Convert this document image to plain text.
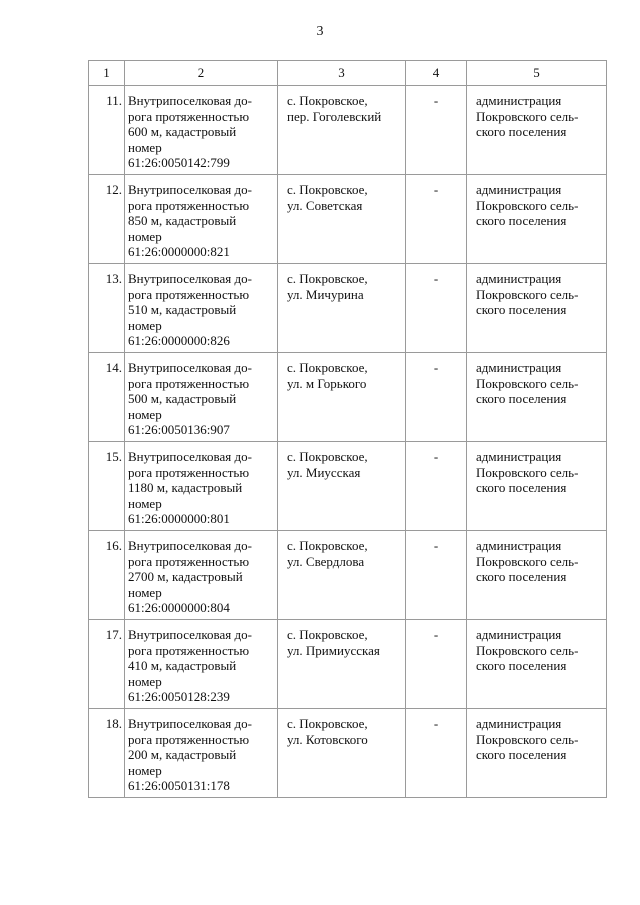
3
1	2	3	4	5
11.	Внутрипоселковая до-
рога протяженностью
600 м, кадастровый
номер
61:26:0050142:799	с. Покровское,
пер. Гоголевский	-	администрация
Покровского сель-
ского поселения

12.	Внутрипоселковая до-
рога протяженностью
850 м, кадастровый
номер
61:26:0000000:821	с. Покровское,
ул. Советская	-	администрация
Покровского сель-
ского поселения

13.	Внутрипоселковая до-
рога протяженностью
510 м, кадастровый
номер
61:26:0000000:826	с. Покровское,
ул. Мичурина	-	администрация
Покровского сель-
ского поселения

14.	Внутрипоселковая до-
рога протяженностью
500 м, кадастровый
номер
61:26:0050136:907	с. Покровское,
ул. м Горького	-	администрация
Покровского сель-
ского поселения

15.	Внутрипоселковая до-
рога протяженностью
1180 м, кадастровый
номер
61:26:0000000:801	с. Покровское,
ул. Миусская	-	администрация
Покровского сель-
ского поселения

16.	Внутрипоселковая до-
рога протяженностью
2700 м, кадастровый
номер
61:26:0000000:804	с. Покровское,
ул. Свердлова	-	администрация
Покровского сель-
ского поселения

17.	Внутрипоселковая до-
рога протяженностью
410 м, кадастровый
номер
61:26:0050128:239	с. Покровское,
ул. Примиусская	-	администрация
Покровского сель-
ского поселения

18.	Внутрипоселковая до-
рога протяженностью
200 м, кадастровый
номер
61:26:0050131:178	с. Покровское,
ул. Котовского	-	администрация
Покровского сель-
ского поселения
